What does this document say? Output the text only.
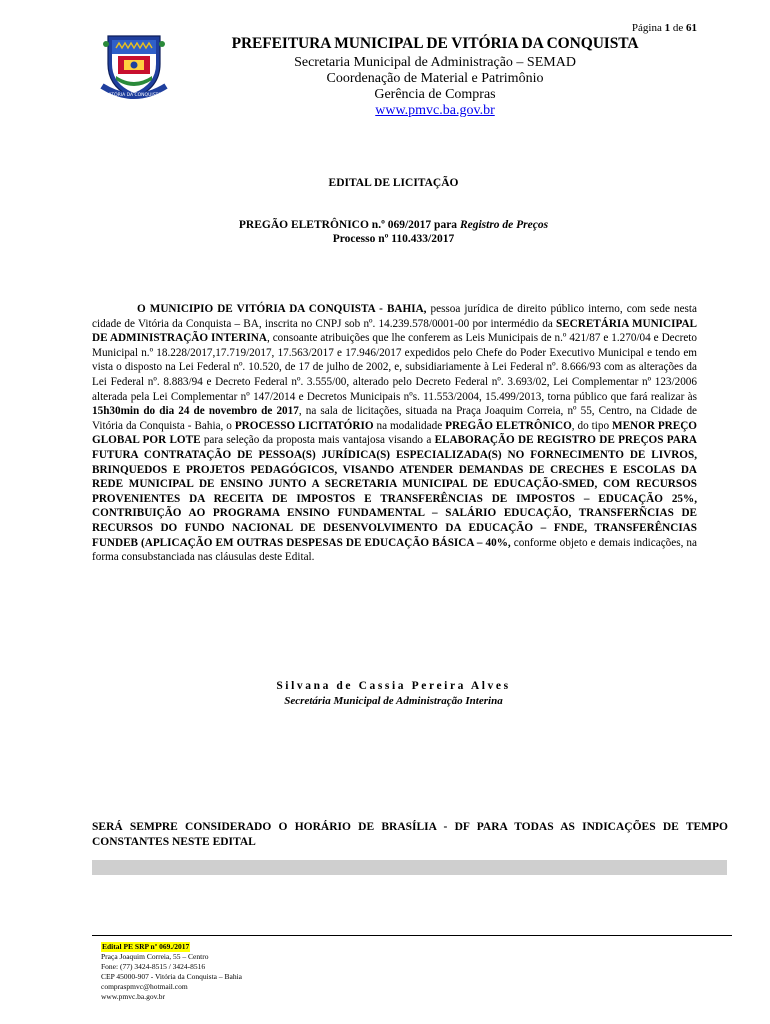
Página 1 de 61
VITÓRIA DA CONQUISTA
PREFEITURA MUNICIPAL DE VITÓRIA DA CONQUISTA
Secretaria Municipal de Administração – SEMAD
Coordenação de Material e Patrimônio
Gerência de Compras
www.pmvc.ba.gov.br
EDITAL DE LICITAÇÃO
PREGÃO ELETRÔNICO n.º 069/2017 para Registro de Preços
Processo nº 110.433/2017
O MUNICIPIO DE VITÓRIA DA CONQUISTA - BAHIA, pessoa jurídica de direito público interno, com sede nesta cidade de Vitória da Conquista – BA, inscrita no CNPJ sob nº. 14.239.578/0001-00 por intermédio da SECRETÁRIA MUNICIPAL DE ADMINISTRAÇÃO INTERINA, consoante atribuições que lhe conferem as Leis Municipais de n.º 421/87 e 1.270/04 e Decreto Municipal n.º 18.228/2017,17.719/2017, 17.563/2017 e 17.946/2017 expedidos pelo Chefe do Poder Executivo Municipal e tendo em vista o disposto na Lei Federal nº. 10.520, de 17 de julho de 2002, e, subsidiariamente à Lei Federal nº. 8.666/93 com as alterações da Lei Federal nº. 8.883/94 e Decreto Federal nº. 3.555/00, alterado pelo Decreto Federal nº. 3.693/02, Lei Complementar nº 123/2006 alterada pela Lei Complementar nº 147/2014 e Decretos Municipais nºs. 11.553/2004, 15.499/2013, torna público que fará realizar às 15h30min do dia 24 de novembro de 2017, na sala de licitações, situada na Praça Joaquim Correia, nº 55, Centro, na Cidade de Vitória da Conquista - Bahia, o PROCESSO LICITATÓRIO na modalidade PREGÃO ELETRÔNICO, do tipo MENOR PREÇO GLOBAL POR LOTE para seleção da proposta mais vantajosa visando a ELABORAÇÃO DE REGISTRO DE PREÇOS PARA FUTURA CONTRATAÇÃO DE PESSOA(S) JURÍDICA(S) ESPECIALIZADA(S) NO FORNECIMENTO DE LIVROS, BRINQUEDOS E PROJETOS PEDAGÓGICOS, VISANDO ATENDER DEMANDAS DE CRECHES E ESCOLAS DA REDE MUNICIPAL DE ENSINO JUNTO A SECRETARIA MUNICIPAL DE EDUCAÇÃO-SMED, COM RECURSOS PROVENIENTES DA RECEITA DE IMPOSTOS E TRANSFERÊNCIAS DE IMPOSTOS – EDUCAÇÃO 25%, CONTRIBUIÇÃO AO PROGRAMA ENSINO FUNDAMENTAL – SALÁRIO EDUCAÇÃO, TRANSFERÑCIAS DE RECURSOS DO FUNDO NACIONAL DE DESENVOLVIMENTO DA EDUCAÇÃO – FNDE, TRANSFERÊNCIAS FUNDEB (APLICAÇÃO EM OUTRAS DESPESAS DE EDUCAÇÃO BÁSICA – 40%, conforme objeto e demais indicações, na forma consubstanciada nas cláusulas deste Edital.
Silvana de Cassia Pereira Alves
Secretária Municipal de Administração Interina
SERÁ SEMPRE CONSIDERADO O HORÁRIO DE BRASÍLIA - DF PARA TODAS AS INDICAÇÕES DE TEMPO CONSTANTES NESTE EDITAL
Edital PE SRP nº 069./2017
Praça Joaquim Correia, 55 – Centro
Fone: (77) 3424-8515 / 3424-8516
CEP 45000-907 - Vitória da Conquista – Bahia
compraspmvc@hotmail.com
www.pmvc.ba.gov.br
